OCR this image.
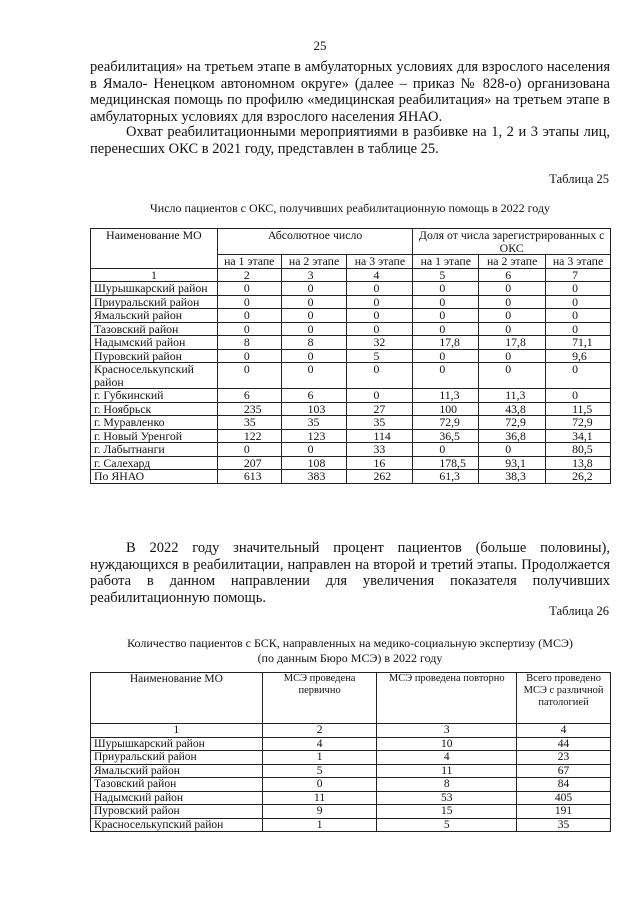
25

реабилитация» на третьем этапе в амбулаторных условиях для взрослого населения в Ямало- Ненецком автономном округе» (далее – приказ № 828-о) организована медицинская помощь по профилю «медицинская реабилитация» на третьем этапе в амбулаторных условиях для взрослого населения ЯНАО.

Охват реабилитационными мероприятиями в разбивке на 1, 2 и 3 этапы лиц, перенесших ОКС в 2021 году, представлен в таблице 25.

Таблица 25
Число пациентов с ОКС, получивших реабилитационную помощь в 2022 году
Наименование МО	Абсолютное число			Доля от числа зарегистрированных с ОКС		
	на 1 этапе	на 2 этапе	на 3 этапе	на 1 этапе	на 2 этапе	на 3 этапе
1	2	3	4	5	6	7
Шурышкарский район	0	0	0	0	0	0
Приуральский район	0	0	0	0	0	0
Ямальский район	0	0	0	0	0	0
Тазовский район	0	0	0	0	0	0
Надымский район	8	8	32	17,8	17,8	71,1
Пуровский район	0	0	5	0	0	9,6
Красноселькупский район	0	0	0	0	0	0
г. Губкинский	6	6	0	11,3	11,3	0
г. Ноябрьск	235	103	27	100	43,8	11,5
г. Муравленко	35	35	35	72,9	72,9	72,9
г. Новый Уренгой	122	123	114	36,5	36,8	34,1
г. Лабытнанги	0	0	33	0	0	80,5
г. Салехард	207	108	16	178,5	93,1	13,8
По ЯНАО	613	383	262	61,3	38,3	26,2

В 2022 году значительный процент пациентов (больше половины), нуждающихся в реабилитации, направлен на второй и третий этапы. Продолжается работа в данном направлении для увеличения показателя получивших реабилитационную помощь.

Таблица 26
Количество пациентов с БСК, направленных на медико-социальную экспертизу (МСЭ)
(по данным Бюро МСЭ) в 2022 году
Наименование МО	МСЭ проведена первично	МСЭ проведена повторно	Всего проведено МСЭ с различной патологией
1	2	3	4
Шурышкарский район	4	10	44
Приуральский район	1	4	23
Ямальский район	5	11	67
Тазовский район	0	8	84
Надымский район	11	53	405
Пуровский район	9	15	191
Красноселькупский район	1	5	35
